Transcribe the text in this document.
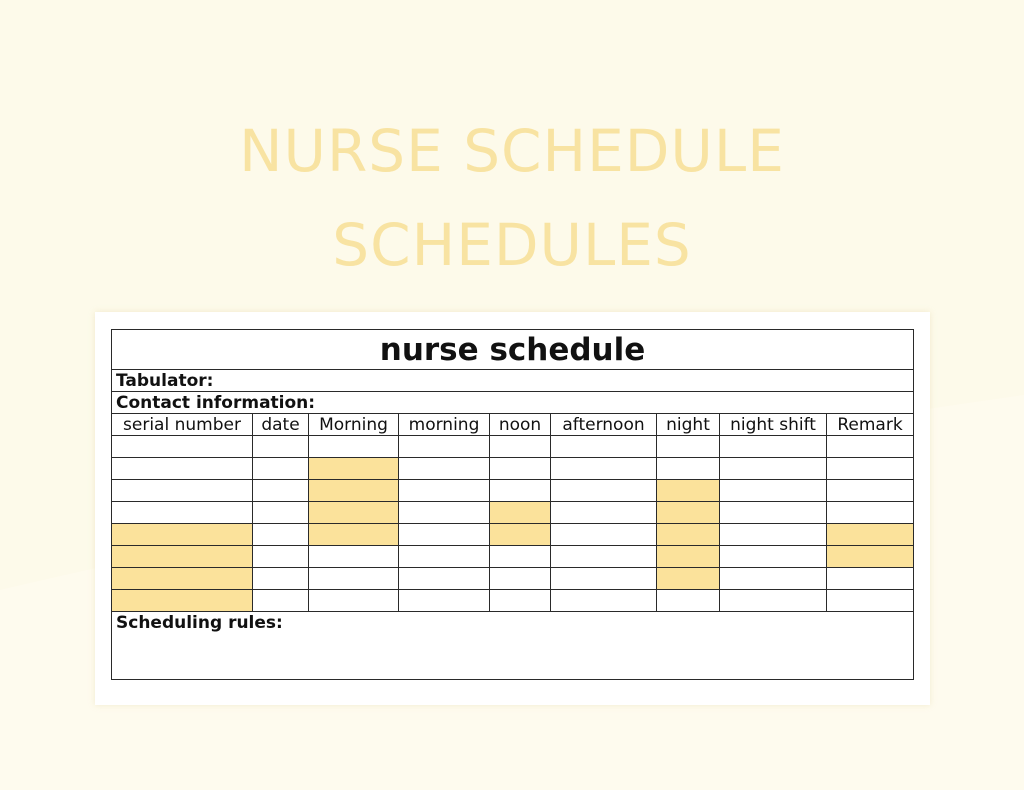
NURSE SCHEDULE
SCHEDULES
nurse schedule								
Tabulator:								
Contact information:								
serial number	date	Morning	morning	noon	afternoon	night	night shift	Remark

Scheduling rules:								
